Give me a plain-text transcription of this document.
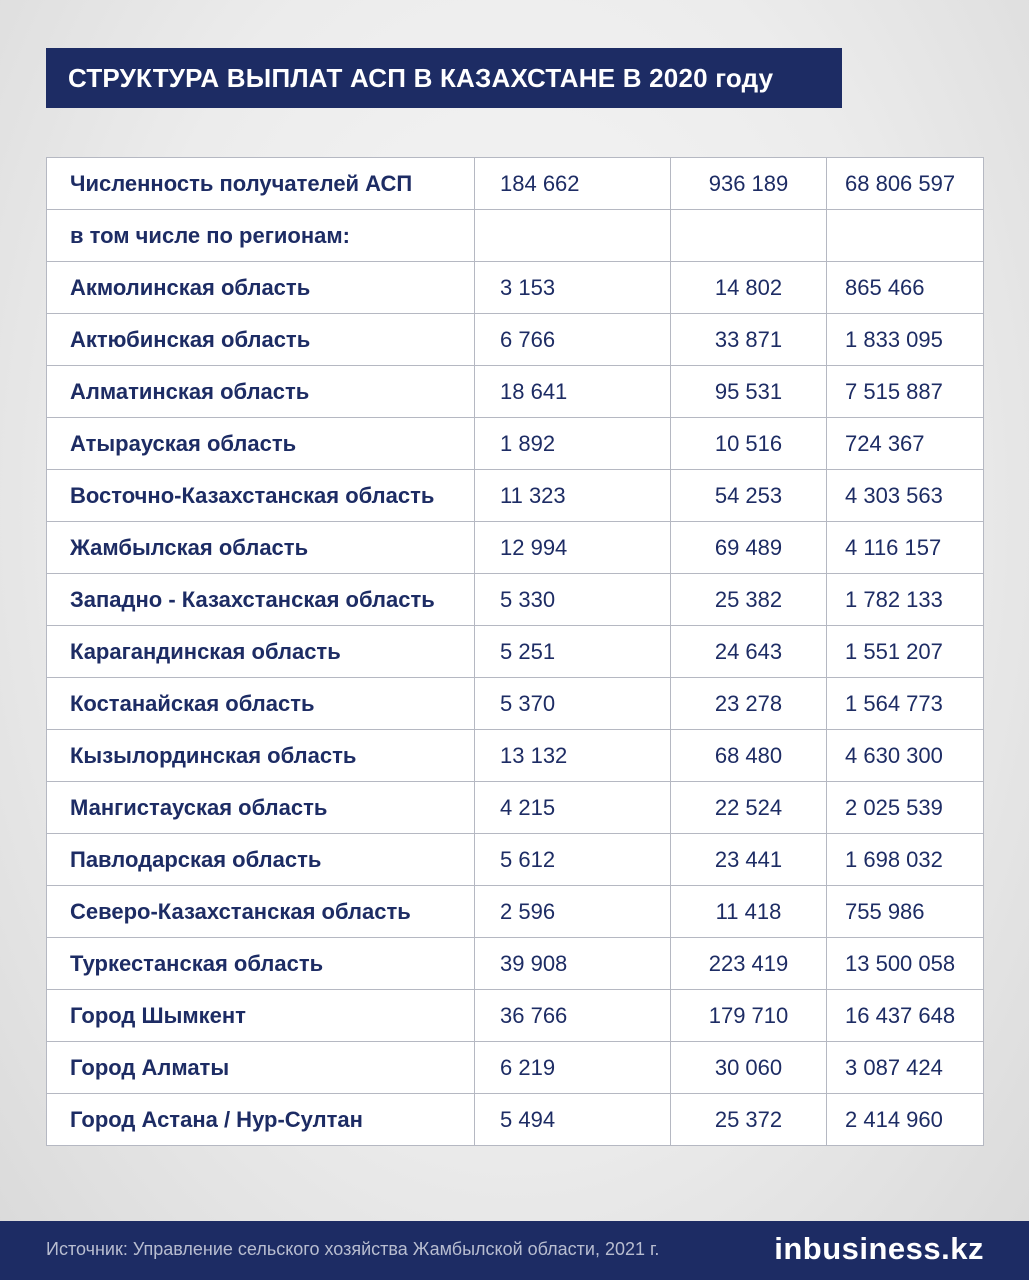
СТРУКТУРА ВЫПЛАТ АСП В КАЗАХСТАНЕ В 2020 году
Численность получателей АСП	184 662	936 189	68 806 597
в том числе по регионам:			
Акмолинская область	3 153	14 802	865 466
Актюбинская область	6 766	33 871	1 833 095
Алматинская область	18 641	95 531	7 515 887
Атырауская область	1 892	10 516	724 367
Восточно-Казахстанская область	11 323	54 253	4 303 563
Жамбылская область	12 994	69 489	4 116 157
Западно - Казахстанская область	5 330	25 382	1 782 133
Карагандинская область	5 251	24 643	1 551 207
Костанайская область	5 370	23 278	1 564 773
Кызылординская область	13 132	68 480	4 630 300
Мангистауская область	4 215	22 524	2 025 539
Павлодарская область	5 612	23 441	1 698 032
Северо-Казахстанская область	2 596	11 418	755 986
Туркестанская область	39 908	223 419	13 500 058
Город Шымкент	36 766	179 710	16 437 648
Город Алматы	6 219	30 060	3 087 424
Город Астана / Нур-Султан	5 494	25 372	2 414 960
Источник: Управление сельского хозяйства Жамбылской области, 2021 г.	inbusiness.kz
